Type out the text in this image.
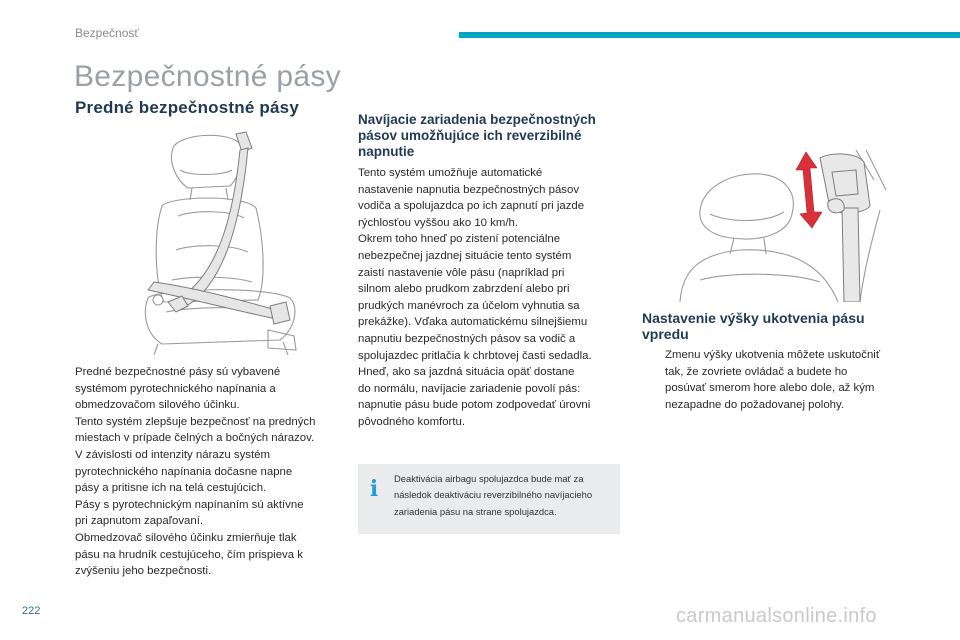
Bezpečnosť
Bezpečnostné pásy
Predné bezpečnostné pásy
Predné bezpečnostné pásy sú vybavené
systémom pyrotechnického napínania a
obmedzovačom silového účinku.
Tento systém zlepšuje bezpečnosť na predných
miestach v prípade čelných a bočných nárazov.
V závislosti od intenzity nárazu systém
pyrotechnického napínania dočasne napne
pásy a pritisne ich na telá cestujúcich.
Pásy s pyrotechnickým napínaním sú aktívne
pri zapnutom zapaľovaní.
Obmedzovač silového účinku zmierňuje tlak
pásu na hrudník cestujúceho, čím prispieva k
zvýšeniu jeho bezpečnosti.
Navíjacie zariadenia bezpečnostných
pásov umožňujúce ich reverzibilné
napnutie
Tento systém umožňuje automatické
nastavenie napnutia bezpečnostných pásov
vodiča a spolujazdca po ich zapnutí pri jazde
rýchlosťou vyššou ako 10 km/h.
Okrem toho hneď po zistení potenciálne
nebezpečnej jazdnej situácie tento systém
zaistí nastavenie vôle pásu (napríklad pri
silnom alebo prudkom zabrzdení alebo pri
prudkých manévroch za účelom vyhnutia sa
prekážke). Vďaka automatickému silnejšiemu
napnutiu bezpečnostných pásov sa vodič a
spolujazdec pritlačia k chrbtovej časti sedadla.
Hneď, ako sa jazdná situácia opäť dostane
do normálu, navíjacie zariadenie povolí pás:
napnutie pásu bude potom zodpovedať úrovni
pôvodného komfortu.
i	Deaktivácia airbagu spolujazdca bude mať za
následok deaktiváciu reverzibilného navíjacieho
zariadenia pásu na strane spolujazdca.
Nastavenie výšky ukotvenia pásu
vpredu
Zmenu výšky ukotvenia môžete uskutočniť
tak, že zovriete ovládač a budete ho
posúvať smerom hore alebo dole, až kým
nezapadne do požadovanej polohy.
222	carmanualsonline.info
